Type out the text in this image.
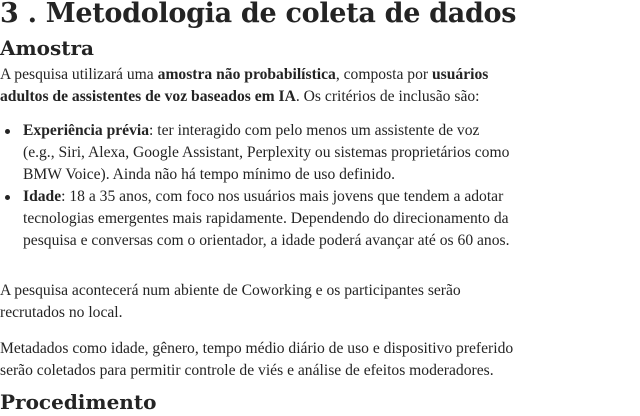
3 . Metodologia de coleta de dados
Amostra

A pesquisa utilizará uma amostra não probabilística, composta por usuários adultos de assistentes de voz baseados em IA. Os critérios de inclusão são:

Experiência prévia: ter interagido com pelo menos um assistente de voz (e.g., Siri, Alexa, Google Assistant, Perplexity ou sistemas proprietários como BMW Voice). Ainda não há tempo mínimo de uso definido.
Idade: 18 a 35 anos, com foco nos usuários mais jovens que tendem a adotar tecnologias emergentes mais rapidamente. Dependendo do direcionamento da pesquisa e conversas com o orientador, a idade poderá avançar até os 60 anos.

A pesquisa acontecerá num abiente de Coworking e os participantes serão recrutados no local.

Metadados como idade, gênero, tempo médio diário de uso e dispositivo preferido serão coletados para permitir controle de viés e análise de efeitos moderadores.

Procedimento
